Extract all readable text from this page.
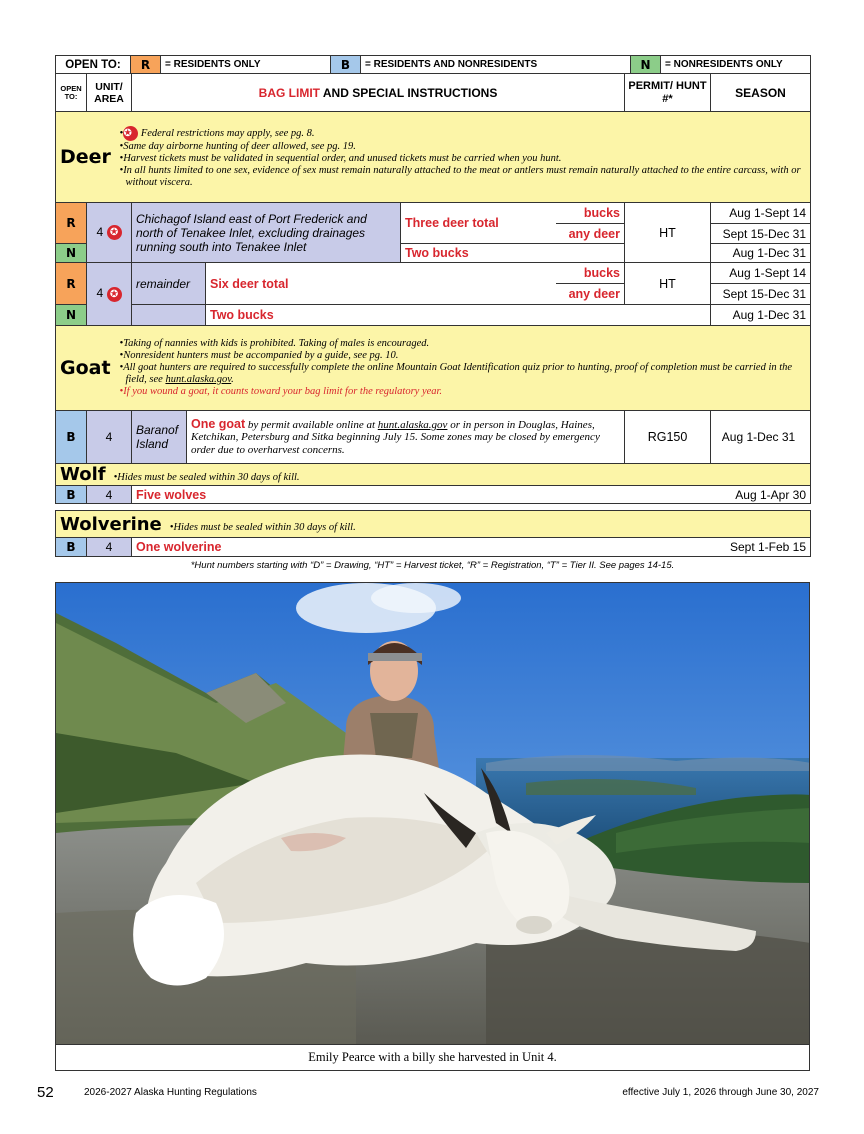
OPEN TO:	R	= RESIDENTS ONLY	B	= RESIDENTS AND NONRESIDENTS	N	= NONRESIDENTS ONLY
OPEN TO:	UNIT/ AREA	BAG LIMIT AND SPECIAL INSTRUCTIONS	PERMIT/ HUNT #*	SEASON
Deer	
•✪ Federal restrictions may apply, see pg. 8.
•Same day airborne hunting of deer allowed, see pg. 19.
•Harvest tickets must be validated in sequential order, and unused tickets must be carried when you hunt.
•In all hunts limited to one sex, evidence of sex must remain naturally attached to the meat or antlers must remain naturally attached to the entire carcass, with or without viscera.
R	4 ✪	Chichagof Island east of Port Frederick and north of Tenakee Inlet, excluding drainages running south into Tenakee Inlet	Three deer total	bucks	HT	Aug 1-Sept 14
				any deer		Sept 15-Dec 31
N			Two bucks			Aug 1-Dec 31
R	4 ✪	remainder	Six deer total	bucks	HT	Aug 1-Sept 14
				any deer		Sept 15-Dec 31
N			Two bucks			Aug 1-Dec 31
Goat	
•Taking of nannies with kids is prohibited. Taking of males is encouraged.
•Nonresident hunters must be accompanied by a guide, see pg. 10.
•All goat hunters are required to successfully complete the online Mountain Goat Identification quiz prior to hunting, proof of completion must be carried in the field, see hunt.alaska.gov.
•If you wound a goat, it counts toward your bag limit for the regulatory year.
B	4	Baranof Island	One goat by permit available online at hunt.alaska.gov or in person in Douglas, Haines, Ketchikan, Petersburg and Sitka beginning July 15. Some zones may be closed by emergency order due to overharvest concerns.	RG150	Aug 1-Dec 31
Wolf •Hides must be sealed within 30 days of kill.
B	4	Five wolves	Aug 1-Apr 30
Wolverine •Hides must be sealed within 30 days of kill.
B	4	One wolverine	Sept 1-Feb 15
*Hunt numbers starting with “D” = Drawing, “HT” = Harvest ticket, “R” = Registration, “T” = Tier II. See pages 14-15.
Emily Pearce with a billy she harvested in Unit 4.
52	2026-2027 Alaska Hunting Regulations	effective July 1, 2026 through June 30, 2027
